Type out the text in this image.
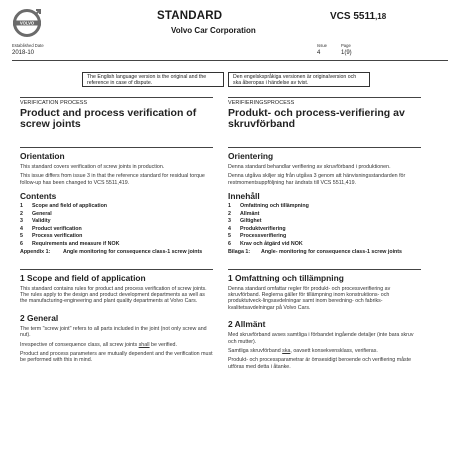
VOLVO
STANDARD
Volvo Car Corporation
VCS 5511,18
Established Date
2018-10
Issue
4
Page
1(9)
The English language version is the original and the reference in case of dispute.
Den engelskspråkiga versionen är originalversion och ska åberopas i händelse av tvist.
VERIFICATION PROCESS
Product and process verification of screw joints
Orientation
This standard covers verification of screw joints in production.
This issue differs from issue 3 in that the reference standard for residual torque follow-up has been changed to VCS 5511,419.
Contents
1 Scope and field of application
2 General
3 Validity
4 Product verification
5 Process verification
6 Requirements and measure if NOK
Appendix 1:	Angle monitoring for consequence class-1 screw joints
1 Scope and field of application
This standard contains rules for product and process verification of screw joints. The rules apply to the design and product development departments as well as the manufacturing-engineering and plant quality departments at Volvo Cars.
2 General
The term "screw joint" refers to all parts included in the joint (not only screw and nut).
Irrespective of consequence class, all screw joints shall be verified.
Product and process parameters are mutually dependent and the verification must be performed with this in mind.
VERIFIERINGSPROCESS
Produkt- och process-verifiering av skruvförband
Orientering
Denna standard behandlar verifiering av skruvförband i produktionen.
Denna utgåva skiljer sig från utgåva 3 genom att hänvisningsstandarden för restmomentsuppföljning har ändrats till VCS 5511,419.
Innehåll
1 Omfattning och tillämpning
2 Allmänt
3 Giltighet
4 Produktverifiering
5 Processverifiering
6 Krav och åtgärd vid NOK
Bilaga 1:	Angle- monitoring for consequence class-1 screw joints
1 Omfattning och tillämpning
Denna standard omfattar regler för produkt- och processverifiering av skruvförband. Reglerna gäller för tillämpning inom konstruktions- och produktutveck-lingsavdelningar samt inom beredning- och fabriks-kvalitetsavdelningar på Volvo Cars.
2 Allmänt
Med skruvförband avses samtliga i förbandet ingående detaljer (inte bara skruv och mutter).
Samtliga skruvförband ska, oavsett konsekvensklass, verifieras.
Produkt- och processparametrar är ömsesidigt beroende och verifiering måste utföras med detta i åtanke.
